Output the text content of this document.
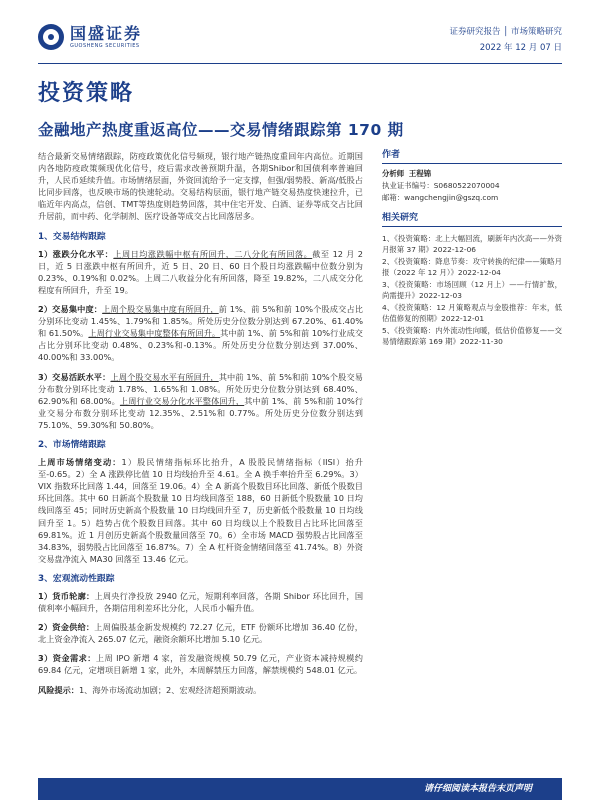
国盛证券
GUOSHENG SECURITIES
证券研究报告 │ 市场策略研究
2022 年 12 月 07 日
投资策略
金融地产热度重返高位——交易情绪跟踪第 170 期

结合最新交易情绪跟踪，防疫政策优化信号频现，银行地产链热度重回年内高位。近期国内各地防疫政策频现优化信号，疫后需求改善预期升温，各期Shibor和国债利率普遍回升，人民币延续升值。市场情绪层面，外资回流给予一定支撑，但强/弱势股、新高/低股占比同步回落，也反映市场的快速轮动。交易结构层面，银行地产链交易热度快速拉升，已临近年内高点，信创、TMT等热度则趋势回落，其中住宅开发、白酒、证券等成交占比回升居前，而中药、化学制剂、医疗设备等成交占比回落居多。

1、交易结构跟踪

1）涨跌分化水平：上周日均涨跌幅中枢有所回升，二八分化有所回落。截至 12 月 2 日，近 5 日涨跌中枢有所回升，近 5 日、20 日、60 日个股日均涨跌幅中位数分别为 0.23%、0.19%和 0.02%。上周二八收益分化有所回落，降至 19.82%，二八成交分化程度有所回升，升至 19。

2）交易集中度：上周个股交易集中度有所回升，前 1%、前 5%和前 10%个股成交占比分别环比变动 1.45%、1.79%和 1.85%。所处历史分位数分别达到 67.20%、61.40%和 61.50%。上周行业交易集中度整体有所回升。其中前 1%、前 5%和前 10%行业成交占比分别环比变动 0.48%、0.23%和-0.13%。所处历史分位数分别达到 37.00%、40.00%和 33.00%。

3）交易活跃水平：上周个股交易水平有所回升，其中前 1%、前 5%和前 10%个股交易分布数分别环比变动 1.78%、1.65%和 1.08%。所处历史分位数分别达到 68.40%、62.90%和 68.00%。上周行业交易分化水平整体回升，其中前 1%、前 5%和前 10%行业交易分布数分别环比变动 12.35%、2.51%和 0.77%。所处历史分位数分别达到 75.10%、59.30%和 50.80%。

2、市场情绪跟踪

上周市场情绪变动：1）股民情绪指标环比抬升，A 股股民情绪指标（IISI）抬升至-0.65。2）全 A 涨跌停比值 10 日均线抬升至 4.61。全 A 换手率抬升至 6.29%。3）VIX 指数环比回落 1.44，回落至 19.06。4）全 A 新高个股数目环比回落、新低个股数目环比回落。其中 60 日新高个股数量 10 日均线回落至 188，60 日新低个股数量 10 日均线回落至 45；同时历史新高个股数量 10 日均线回升至 7，历史新低个股数量 10 日均线回升至 1。5）趋势占优个股数目回落。其中 60 日均线以上个股数目占比环比回落至 69.81%。近 1 月创历史新高个股数量回落至 70。6）全市场 MACD 强势股占比回落至 34.83%，弱势股占比回落至 16.87%。7）全 A 杠杆资金情绪回落至 41.74%。8）外资交易盘净流入 MA30 回落至 13.46 亿元。

3、宏观流动性跟踪

1）货币轮廓：上周央行净投放 2940 亿元，短期利率回落，各期 Shibor 环比回升，国债利率小幅回升，各期信用利差环比分化，人民币小幅升值。

2）资金供给：上周偏股基金新发规模约 72.27 亿元，ETF 份额环比增加 36.40 亿份，北上资金净流入 265.07 亿元，融资余额环比增加 5.10 亿元。

3）资金需求：上周 IPO 新增 4 家，首发融资规模 50.79 亿元，产业资本减持规模约 69.84 亿元，定增项目新增 1 家，此外，本周解禁压力回落，解禁规模约 548.01 亿元。

风险提示：1、海外市场流动加剧；2、宏观经济超预期波动。

作者

分析师 王程锦

执业证书编号：S0680522070004

邮箱：wangchengjin@gszq.com

相关研究

1、《投资策略：北上大幅回流，刷新年内次高——外资月报第 37 期》2022-12-06

2、《投资策略：降息节奏：攻守转换的纪律——策略月报（2022 年 12 月）》2022-12-04

3、《投资策略：市场回顾（12 月上）——行情扩散，尚需提升》2022-12-03

4、《投资策略：12 月策略观点与金股推荐：年末，低估值修复的预期》2022-12-01

5、《投资策略：内外流动性向暖，低估价值修复——交易情绪跟踪第 169 期》2022-11-30

请仔细阅读本报告末页声明
